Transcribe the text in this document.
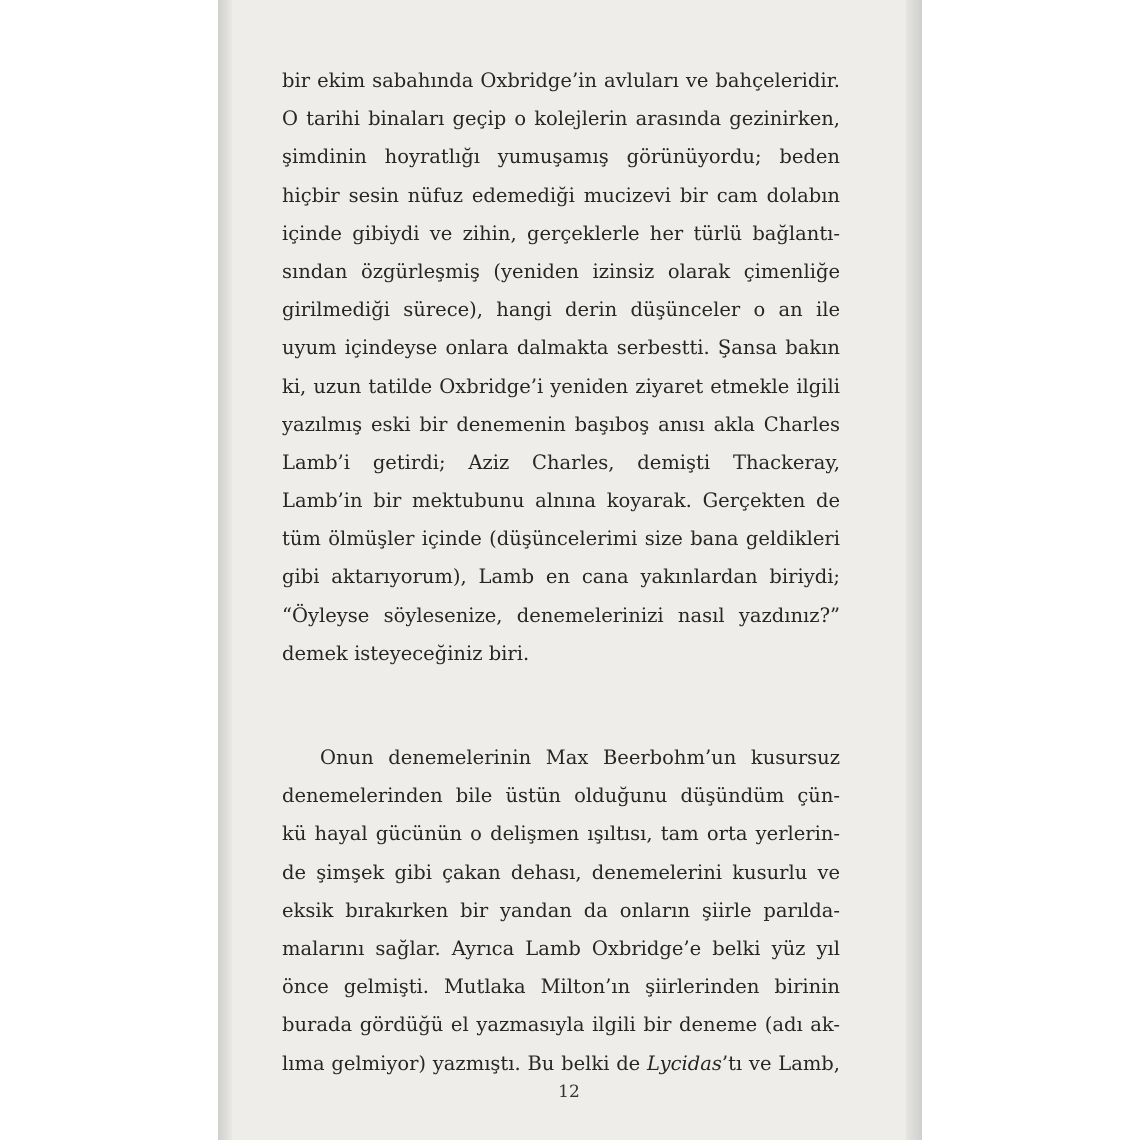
bir ekim sabahında Oxbridge’in avluları ve bahçeleridir.
O tarihi binaları geçip o kolejlerin arasında gezinirken,
şimdinin hoyratlığı yumuşamış görünüyordu; beden
hiçbir sesin nüfuz edemediği mucizevi bir cam dolabın
içinde gibiydi ve zihin, gerçeklerle her türlü bağlantı-
sından özgürleşmiş (yeniden izinsiz olarak çimenliğe
girilmediği sürece), hangi derin düşünceler o an ile
uyum içindeyse onlara dalmakta serbestti. Şansa bakın
ki, uzun tatilde Oxbridge’i yeniden ziyaret etmekle ilgili
yazılmış eski bir denemenin başıboş anısı akla Charles
Lamb’i getirdi; Aziz Charles, demişti Thackeray,
Lamb’in bir mektubunu alnına koyarak. Gerçekten de
tüm ölmüşler içinde (düşüncelerimi size bana geldikleri
gibi aktarıyorum), Lamb en cana yakınlardan biriydi;
“Öyleyse söylesenize, denemelerinizi nasıl yazdınız?”
demek isteyeceğiniz biri.
Onun denemelerinin Max Beerbohm’un kusursuz
denemelerinden bile üstün olduğunu düşündüm çün-
kü hayal gücünün o delişmen ışıltısı, tam orta yerlerin-
de şimşek gibi çakan dehası, denemelerini kusurlu ve
eksik bırakırken bir yandan da onların şiirle parılda-
malarını sağlar. Ayrıca Lamb Oxbridge’e belki yüz yıl
önce gelmişti. Mutlaka Milton’ın şiirlerinden birinin
burada gördüğü el yazmasıyla ilgili bir deneme (adı ak-
lıma gelmiyor) yazmıştı. Bu belki de Lycidas’tı ve Lamb,
12
